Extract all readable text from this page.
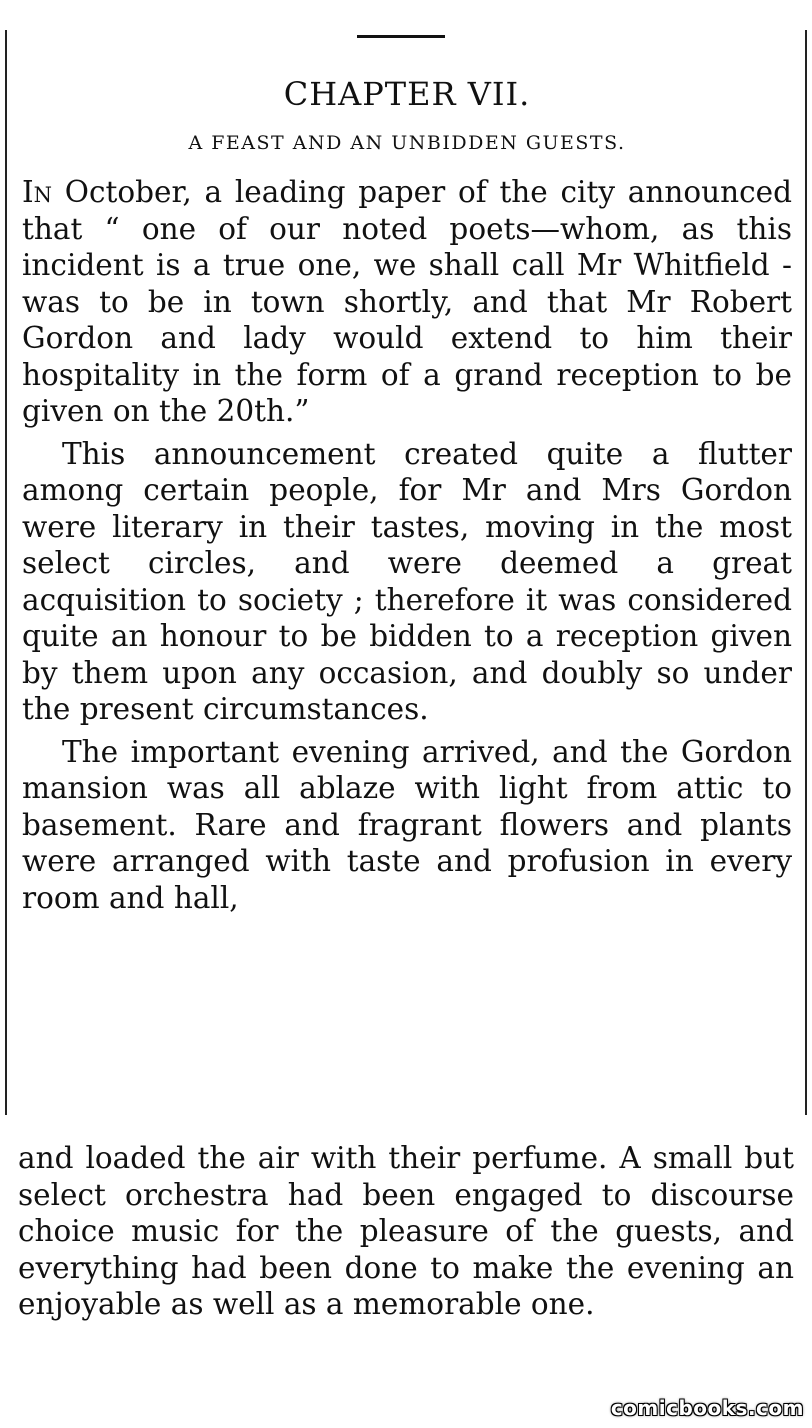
CHAPTER VII.
A FEAST AND AN UNBIDDEN GUESTS.

In October, a leading paper of the city announced that “ one of our noted poets—whom, as this incident is a true one, we shall call Mr Whitfield - was to be in town shortly, and that Mr Robert Gordon and lady would extend to him their hospitality in the form of a grand reception to be given on the 20th.”

This announcement created quite a flutter among certain people, for Mr and Mrs Gordon were literary in their tastes, moving in the most select circles, and were deemed a great acquisition to society ; therefore it was considered quite an honour to be bidden to a reception given by them upon any occasion, and doubly so under the present circumstances.

The important evening arrived, and the Gordon mansion was all ablaze with light from attic to basement. Rare and fragrant flowers and plants were arranged with taste and profusion in every room and hall,

and loaded the air with their perfume. A small but select orchestra had been engaged to discourse choice music for the pleasure of the guests, and everything had been done to make the evening an enjoyable as well as a memorable one.

comicbooks.com
